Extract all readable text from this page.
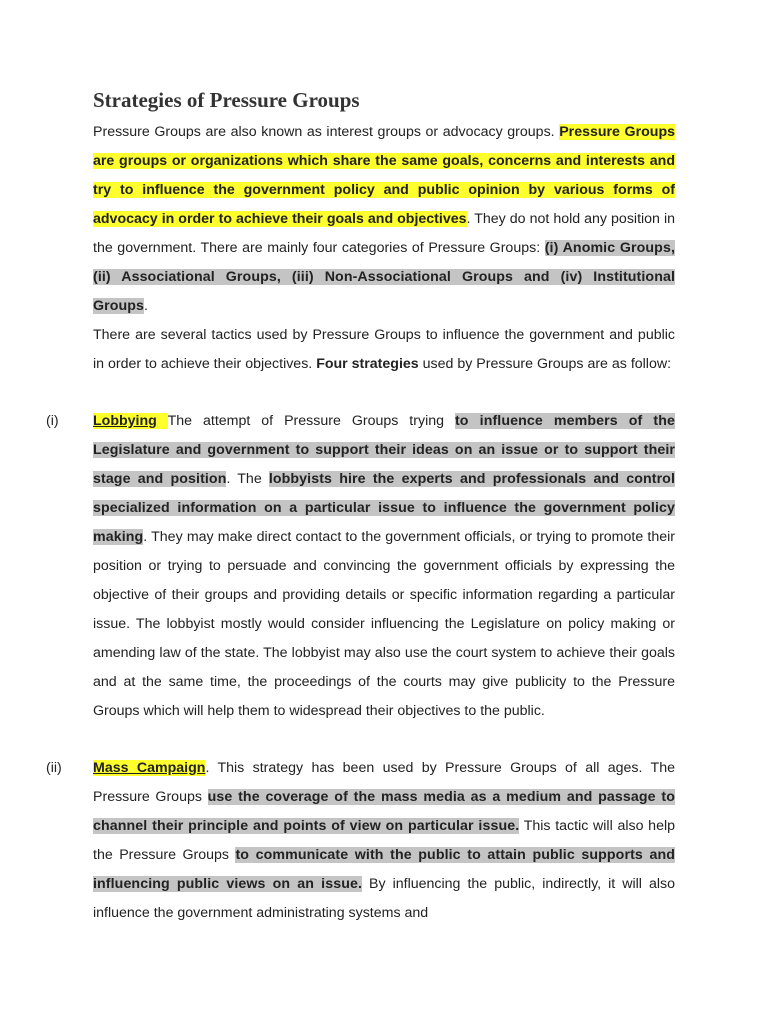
Strategies of Pressure Groups

Pressure Groups are also known as interest groups or advocacy groups. Pressure Groups are groups or organizations which share the same goals, concerns and interests and try to influence the government policy and public opinion by various forms of advocacy in order to achieve their goals and objectives. They do not hold any position in the government. There are mainly four categories of Pressure Groups: (i) Anomic Groups, (ii) Associational Groups, (iii) Non-Associational Groups and (iv) Institutional Groups.

There are several tactics used by Pressure Groups to influence the government and public in order to achieve their objectives. Four strategies used by Pressure Groups are as follow:

(i) Lobbying The attempt of Pressure Groups trying to influence members of the Legislature and government to support their ideas on an issue or to support their stage and position. The lobbyists hire the experts and professionals and control specialized information on a particular issue to influence the government policy making. They may make direct contact to the government officials, or trying to promote their position or trying to persuade and convincing the government officials by expressing the objective of their groups and providing details or specific information regarding a particular issue. The lobbyist mostly would consider influencing the Legislature on policy making or amending law of the state. The lobbyist may also use the court system to achieve their goals and at the same time, the proceedings of the courts may give publicity to the Pressure Groups which will help them to widespread their objectives to the public.

(ii) Mass Campaign. This strategy has been used by Pressure Groups of all ages. The Pressure Groups use the coverage of the mass media as a medium and passage to channel their principle and points of view on particular issue. This tactic will also help the Pressure Groups to communicate with the public to attain public supports and influencing public views on an issue. By influencing the public, indirectly, it will also influence the government administrating systems and
